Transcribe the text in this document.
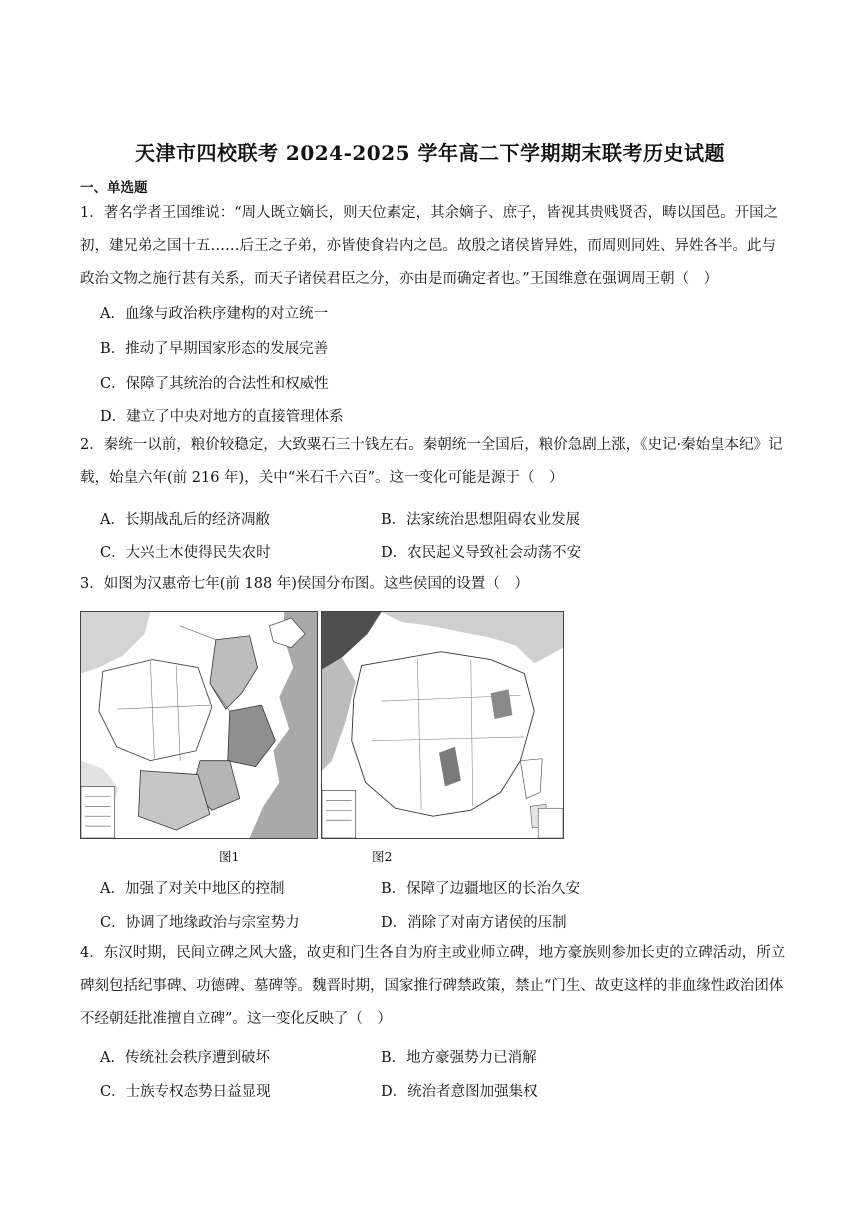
天津市四校联考 2024-2025 学年高二下学期期末联考历史试题
一、单选题
1．著名学者王国维说：“周人既立嫡长，则天位素定，其余嫡子、庶子，皆视其贵贱贤否，畴以国邑。开国之初，建兄弟之国十五……后王之子弟，亦皆使食岩内之邑。故殷之诸侯皆异姓，而周则同姓、异姓各半。此与政治文物之施行甚有关系，而天子诸侯君臣之分，亦由是而确定者也。”王国维意在强调周王朝（　）
A．血缘与政治秩序建构的对立统一
B．推动了早期国家形态的发展完善
C．保障了其统治的合法性和权威性
D．建立了中央对地方的直接管理体系
2．秦统一以前，粮价较稳定，大致粟石三十钱左右。秦朝统一全国后，粮价急剧上涨，《史记·秦始皇本纪》记载，始皇六年(前 216 年)，关中“米石千六百”。这一变化可能是源于（　）
A．长期战乱后的经济凋敝	B．法家统治思想阻碍农业发展
C．大兴土木使得民失农时	D．农民起义导致社会动荡不安
3．如图为汉惠帝七年(前 188 年)侯国分布图。这些侯国的设置（　）
图1	图2
A．加强了对关中地区的控制	B．保障了边疆地区的长治久安
C．协调了地缘政治与宗室势力	D．消除了对南方诸侯的压制
4．东汉时期，民间立碑之风大盛，故吏和门生各自为府主或业师立碑，地方豪族则参加长吏的立碑活动，所立碑刻包括纪事碑、功德碑、墓碑等。魏晋时期，国家推行碑禁政策，禁止“门生、故吏这样的非血缘性政治团体不经朝廷批准擅自立碑”。这一变化反映了（　）
A．传统社会秩序遭到破坏	B．地方豪强势力已消解
C．士族专权态势日益显现	D．统治者意图加强集权
